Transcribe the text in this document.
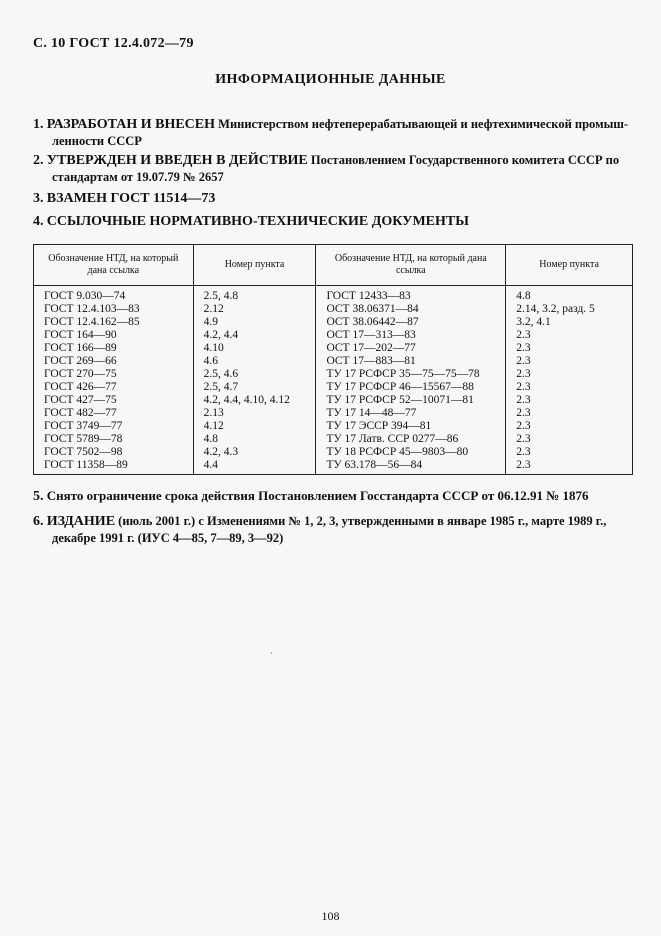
С. 10 ГОСТ 12.4.072—79
ИНФОРМАЦИОННЫЕ ДАННЫЕ
1. РАЗРАБОТАН И ВНЕСЕН Министерством нефтеперерабатывающей и нефтехимической промыш-
ленности СССР
2. УТВЕРЖДЕН И ВВЕДЕН В ДЕЙСТВИЕ Постановлением Государственного комитета СССР по
стандартам от 19.07.79 № 2657
3. ВЗАМЕН ГОСТ 11514—73
4. ССЫЛОЧНЫЕ НОРМАТИВНО-ТЕХНИЧЕСКИЕ ДОКУМЕНТЫ
Обозначение НТД, на который дана ссылка	Номер пункта	Обозначение НТД, на который дана ссылка	Номер пункта
ГОСТ 9.030—74	2.5, 4.8	ГОСТ 12433—83	4.8
ГОСТ 12.4.103—83	2.12	ОСТ 38.06371—84	2.14, 3.2, разд. 5
ГОСТ 12.4.162—85	4.9	ОСТ 38.06442—87	3.2, 4.1
ГОСТ 164—90	4.2, 4.4	ОСТ 17—313—83	2.3
ГОСТ 166—89	4.10	ОСТ 17—202—77	2.3
ГОСТ 269—66	4.6	ОСТ 17—883—81	2.3
ГОСТ 270—75	2.5, 4.6	ТУ 17 РСФСР 35—75—75—78	2.3
ГОСТ 426—77	2.5, 4.7	ТУ 17 РСФСР 46—15567—88	2.3
ГОСТ 427—75	4.2, 4.4, 4.10, 4.12	ТУ 17 РСФСР 52—10071—81	2.3
ГОСТ 482—77	2.13	ТУ 17 14—48—77	2.3
ГОСТ 3749—77	4.12	ТУ 17 ЭССР 394—81	2.3
ГОСТ 5789—78	4.8	ТУ 17 Латв. ССР 0277—86	2.3
ГОСТ 7502—98	4.2, 4.3	ТУ 18 РСФСР 45—9803—80	2.3
ГОСТ 11358—89	4.4	ТУ 63.178—56—84	2.3
5. Снято ограничение срока действия Постановлением Госстандарта СССР от 06.12.91 № 1876
6. ИЗДАНИЕ (июль 2001 г.) с Изменениями № 1, 2, 3, утвержденными в январе 1985 г., марте 1989 г.,
декабре 1991 г. (ИУС 4—85, 7—89, 3—92)
·
108
